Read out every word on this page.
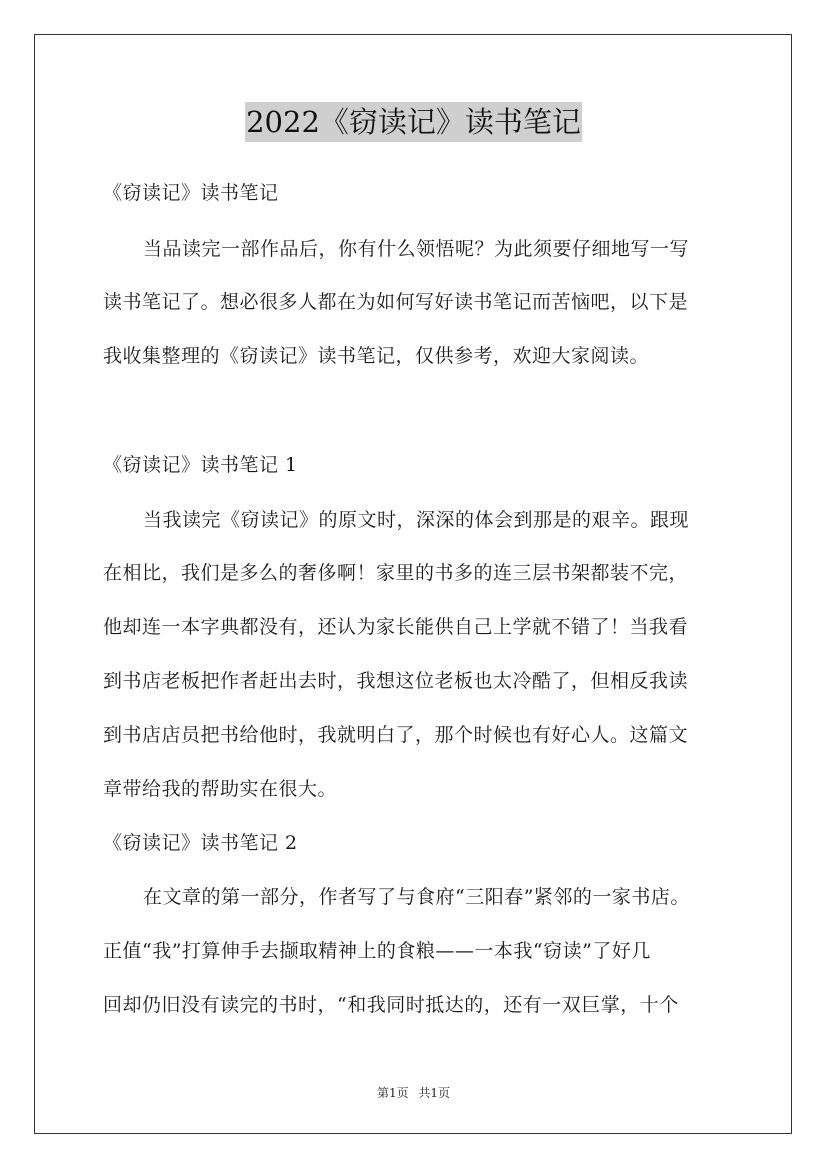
2022《窃读记》读书笔记
《窃读记》读书笔记
当品读完一部作品后，你有什么领悟呢？为此须要仔细地写一写
读书笔记了。想必很多人都在为如何写好读书笔记而苦恼吧，以下是
我收集整理的《窃读记》读书笔记，仅供参考，欢迎大家阅读。
《窃读记》读书笔记 1
当我读完《窃读记》的原文时，深深的体会到那是的艰辛。跟现
在相比，我们是多么的奢侈啊！家里的书多的连三层书架都装不完，
他却连一本字典都没有，还认为家长能供自己上学就不错了！当我看
到书店老板把作者赶出去时，我想这位老板也太冷酷了，但相反我读
到书店店员把书给他时，我就明白了，那个时候也有好心人。这篇文
章带给我的帮助实在很大。
《窃读记》读书笔记 2
在文章的第一部分，作者写了与食府“三阳春”紧邻的一家书店。
正值“我”打算伸手去撷取精神上的食粮——一本我“窃读”了好几
回却仍旧没有读完的书时，“和我同时抵达的，还有一双巨掌，十个
第1页 共1页
